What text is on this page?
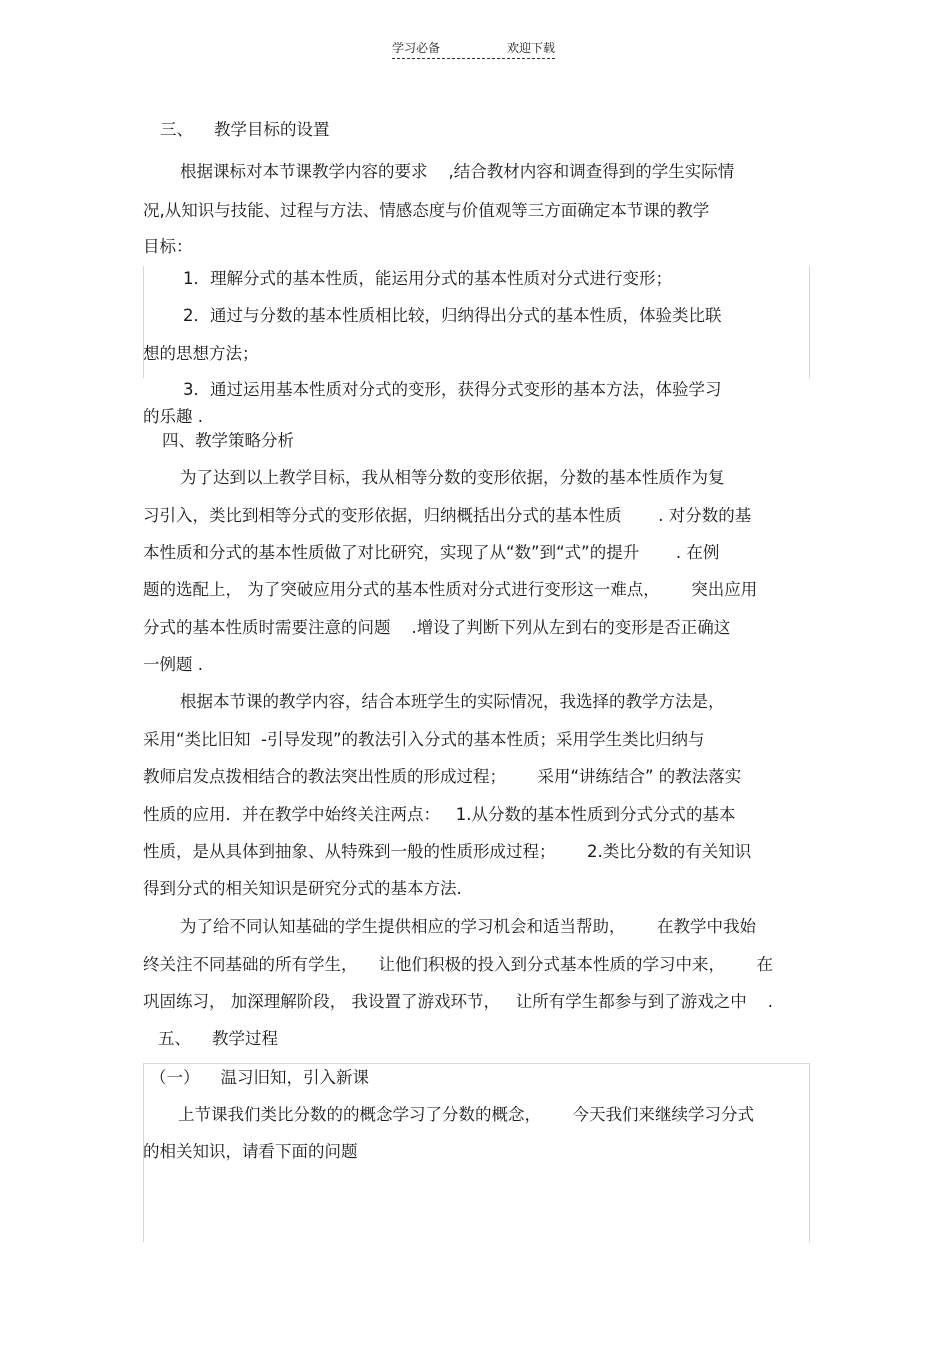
学习必备	欢迎下载
三、    教学目标的设置
根据课标对本节课教学内容的要求    ,结合教材内容和调查得到的学生实际情
况,从知识与技能、过程与方法、情感态度与价值观等三方面确定本节课的教学
目标：
1．理解分式的基本性质，能运用分式的基本性质对分式进行变形；
2．通过与分数的基本性质相比较，归纳得出分式的基本性质，体验类比联
想的思想方法；
3．通过运用基本性质对分式的变形，获得分式变形的基本方法，体验学习
的乐趣 .
四、教学策略分析
为了达到以上教学目标，我从相等分数的变形依据，分数的基本性质作为复
习引入，类比到相等分式的变形依据，归纳概括出分式的基本性质       . 对分数的基
本性质和分式的基本性质做了对比研究，实现了从“数”到“式”的提升       . 在例
题的选配上， 为了突破应用分式的基本性质对分式进行变形这一难点，      突出应用
分式的基本性质时需要注意的问题    .增设了判断下列从左到右的变形是否正确这
一例题 .
根据本节课的教学内容，结合本班学生的实际情况，我选择的教学方法是，
采用“类比旧知  -引导发现”的教法引入分式的基本性质；采用学生类比归纳与
教师启发点拨相结合的教法突出性质的形成过程；      采用“讲练结合” 的教法落实
性质的应用．并在教学中始终关注两点：   1.从分数的基本性质到分式分式的基本
性质，是从具体到抽象、从特殊到一般的性质形成过程；      2.类比分数的有关知识
得到分式的相关知识是研究分式的基本方法.
为了给不同认知基础的学生提供相应的学习机会和适当帮助，      在教学中我始
终关注不同基础的所有学生，    让他们积极的投入到分式基本性质的学习中来，      在
巩固练习， 加深理解阶段， 我设置了游戏环节，   让所有学生都参与到了游戏之中    .
五、    教学过程
（一）    温习旧知，引入新课
上节课我们类比分数的的概念学习了分数的概念，      今天我们来继续学习分式
的相关知识，请看下面的问题
